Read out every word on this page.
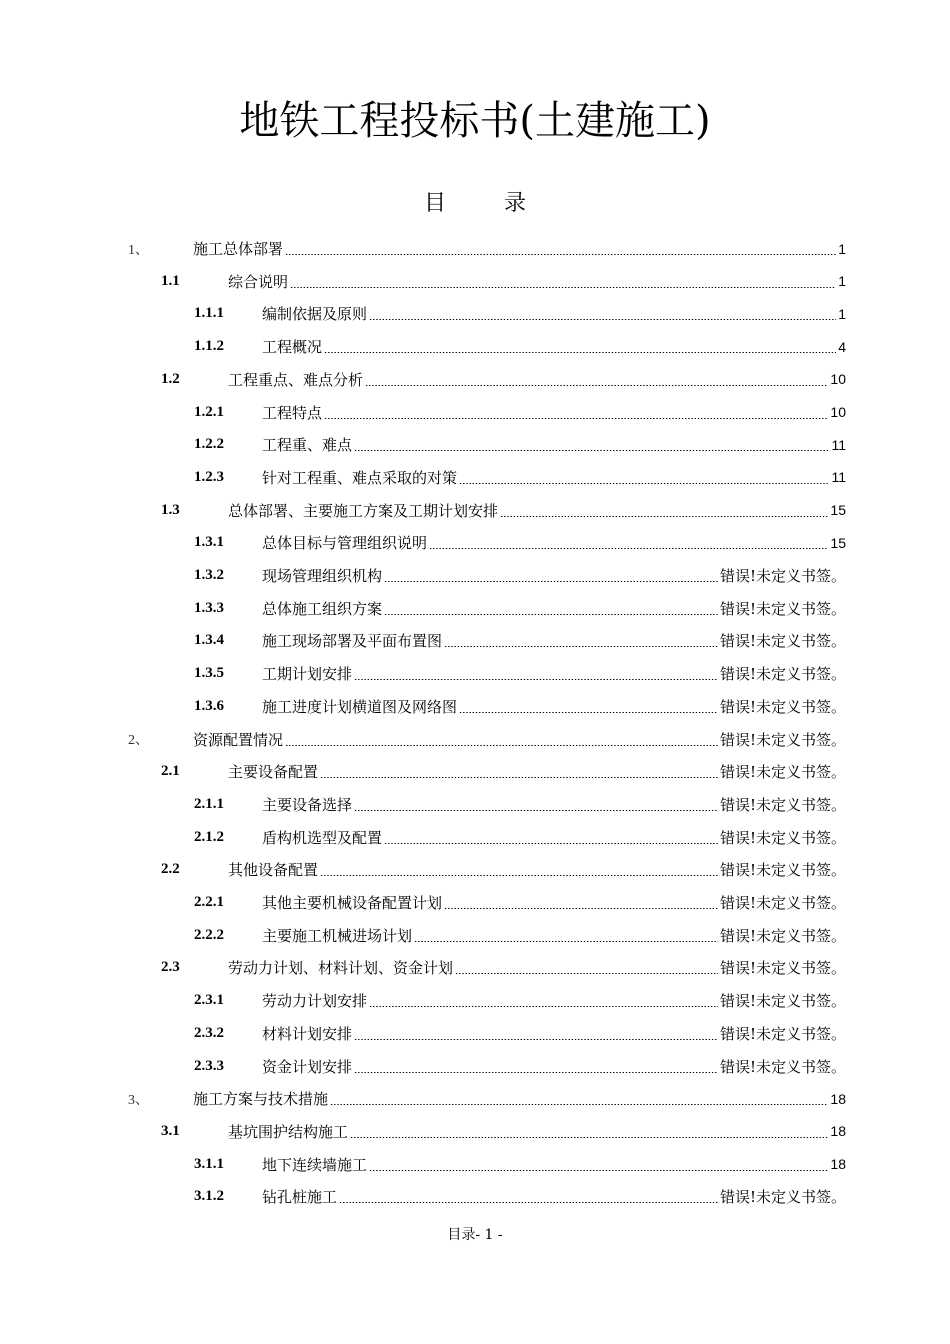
地铁工程投标书(土建施工)
目录
1、	施工总体部署	1
1.1	综合说明	1
1.1.1	编制依据及原则	1
1.1.2	工程概况	4
1.2	工程重点、难点分析	10
1.2.1	工程特点	10
1.2.2	工程重、难点	11
1.2.3	针对工程重、难点采取的对策	11
1.3	总体部署、主要施工方案及工期计划安排	15
1.3.1	总体目标与管理组织说明	15
1.3.2	现场管理组织机构	错误!未定义书签。
1.3.3	总体施工组织方案	错误!未定义书签。
1.3.4	施工现场部署及平面布置图	错误!未定义书签。
1.3.5	工期计划安排	错误!未定义书签。
1.3.6	施工进度计划横道图及网络图	错误!未定义书签。
2、	资源配置情况	错误!未定义书签。
2.1	主要设备配置	错误!未定义书签。
2.1.1	主要设备选择	错误!未定义书签。
2.1.2	盾构机选型及配置	错误!未定义书签。
2.2	其他设备配置	错误!未定义书签。
2.2.1	其他主要机械设备配置计划	错误!未定义书签。
2.2.2	主要施工机械进场计划	错误!未定义书签。
2.3	劳动力计划、材料计划、资金计划	错误!未定义书签。
2.3.1	劳动力计划安排	错误!未定义书签。
2.3.2	材料计划安排	错误!未定义书签。
2.3.3	资金计划安排	错误!未定义书签。
3、	施工方案与技术措施	18
3.1	基坑围护结构施工	18
3.1.1	地下连续墙施工	18
3.1.2	钻孔桩施工	错误!未定义书签。
目录- 1 -
